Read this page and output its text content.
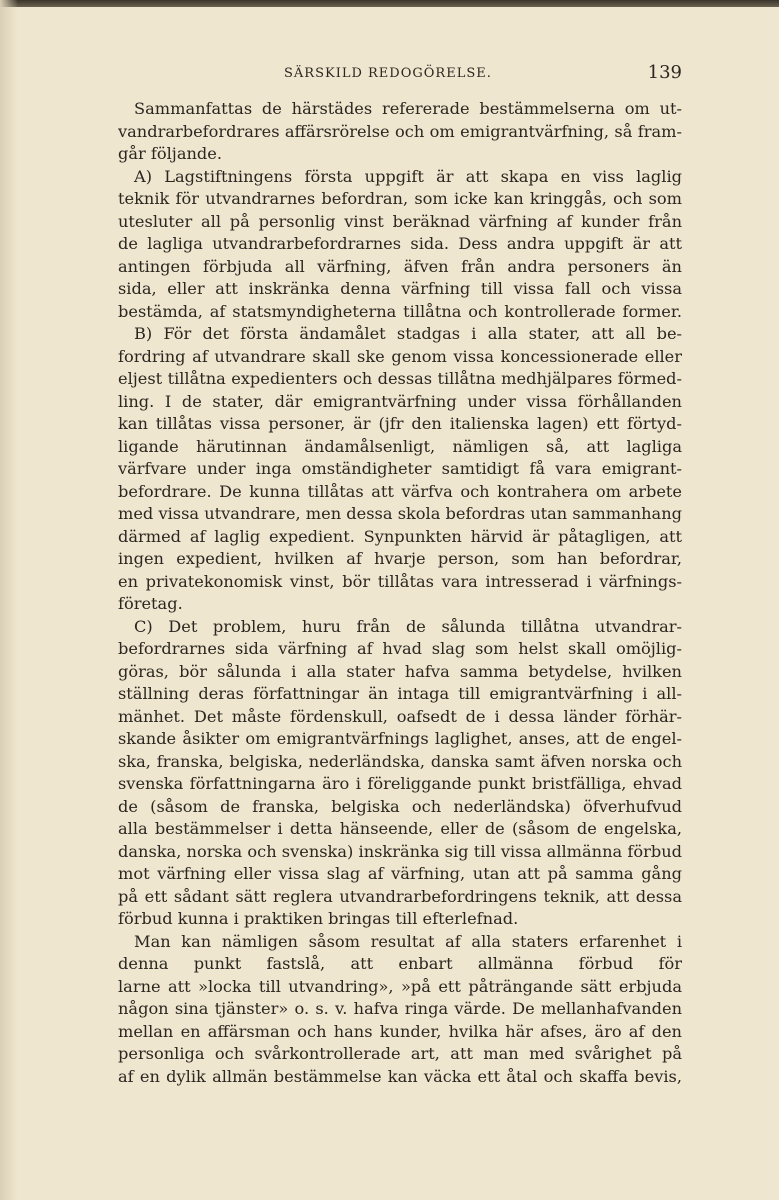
SÄRSKILD REDOGÖRELSE.	139
Sammanfattas de härstädes refererade bestämmelserna om ut-
vandrarbefordrares affärsrörelse och om emigrantvärfning, så fram-
går följande.
A) Lagstiftningens första uppgift är att skapa en viss laglig
teknik för utvandrarnes befordran, som icke kan kringgås, och som
utesluter all på personlig vinst beräknad värfning af kunder från
de lagliga utvandrarbefordrarnes sida. Dess andra uppgift är att
antingen förbjuda all värfning, äfven från andra personers än
sida, eller att inskränka denna värfning till vissa fall och vissa
bestämda, af statsmyndigheterna tillåtna och kontrollerade former.
B) För det första ändamålet stadgas i alla stater, att all be-
fordring af utvandrare skall ske genom vissa koncessionerade eller
eljest tillåtna expedienters och dessas tillåtna medhjälpares förmed-
ling. I de stater, där emigrantvärfning under vissa förhållanden
kan tillåtas vissa personer, är (jfr den italienska lagen) ett förtyd-
ligande härutinnan ändamålsenligt, nämligen så, att lagliga
värfvare under inga omständigheter samtidigt få vara emigrant-
befordrare. De kunna tillåtas att värfva och kontrahera om arbete
med vissa utvandrare, men dessa skola befordras utan sammanhang
därmed af laglig expedient. Synpunkten härvid är påtagligen, att
ingen expedient, hvilken af hvarje person, som han befordrar,
en privatekonomisk vinst, bör tillåtas vara intresserad i värfnings-
företag.
C) Det problem, huru från de sålunda tillåtna utvandrar-
befordrarnes sida värfning af hvad slag som helst skall omöjlig-
göras, bör sålunda i alla stater hafva samma betydelse, hvilken
ställning deras författningar än intaga till emigrantvärfning i all-
mänhet. Det måste fördenskull, oafsedt de i dessa länder förhär-
skande åsikter om emigrantvärfnings laglighet, anses, att de engel-
ska, franska, belgiska, nederländska, danska samt äfven norska och
svenska författningarna äro i föreliggande punkt bristfälliga, ehvad
de (såsom de franska, belgiska och nederländska) öfverhufvud
alla bestämmelser i detta hänseende, eller de (såsom de engelska,
danska, norska och svenska) inskränka sig till vissa allmänna förbud
mot värfning eller vissa slag af värfning, utan att på samma gång
på ett sådant sätt reglera utvandrarbefordringens teknik, att dessa
förbud kunna i praktiken bringas till efterlefnad.
Man kan nämligen såsom resultat af alla staters erfarenhet i
denna punkt fastslå, att enbart allmänna förbud för
larne att »locka till utvandring», »på ett påträngande sätt erbjuda
någon sina tjänster» o. s. v. hafva ringa värde. De mellanhafvanden
mellan en affärsman och hans kunder, hvilka här afses, äro af den
personliga och svårkontrollerade art, att man med svårighet på
af en dylik allmän bestämmelse kan väcka ett åtal och skaffa bevis,
